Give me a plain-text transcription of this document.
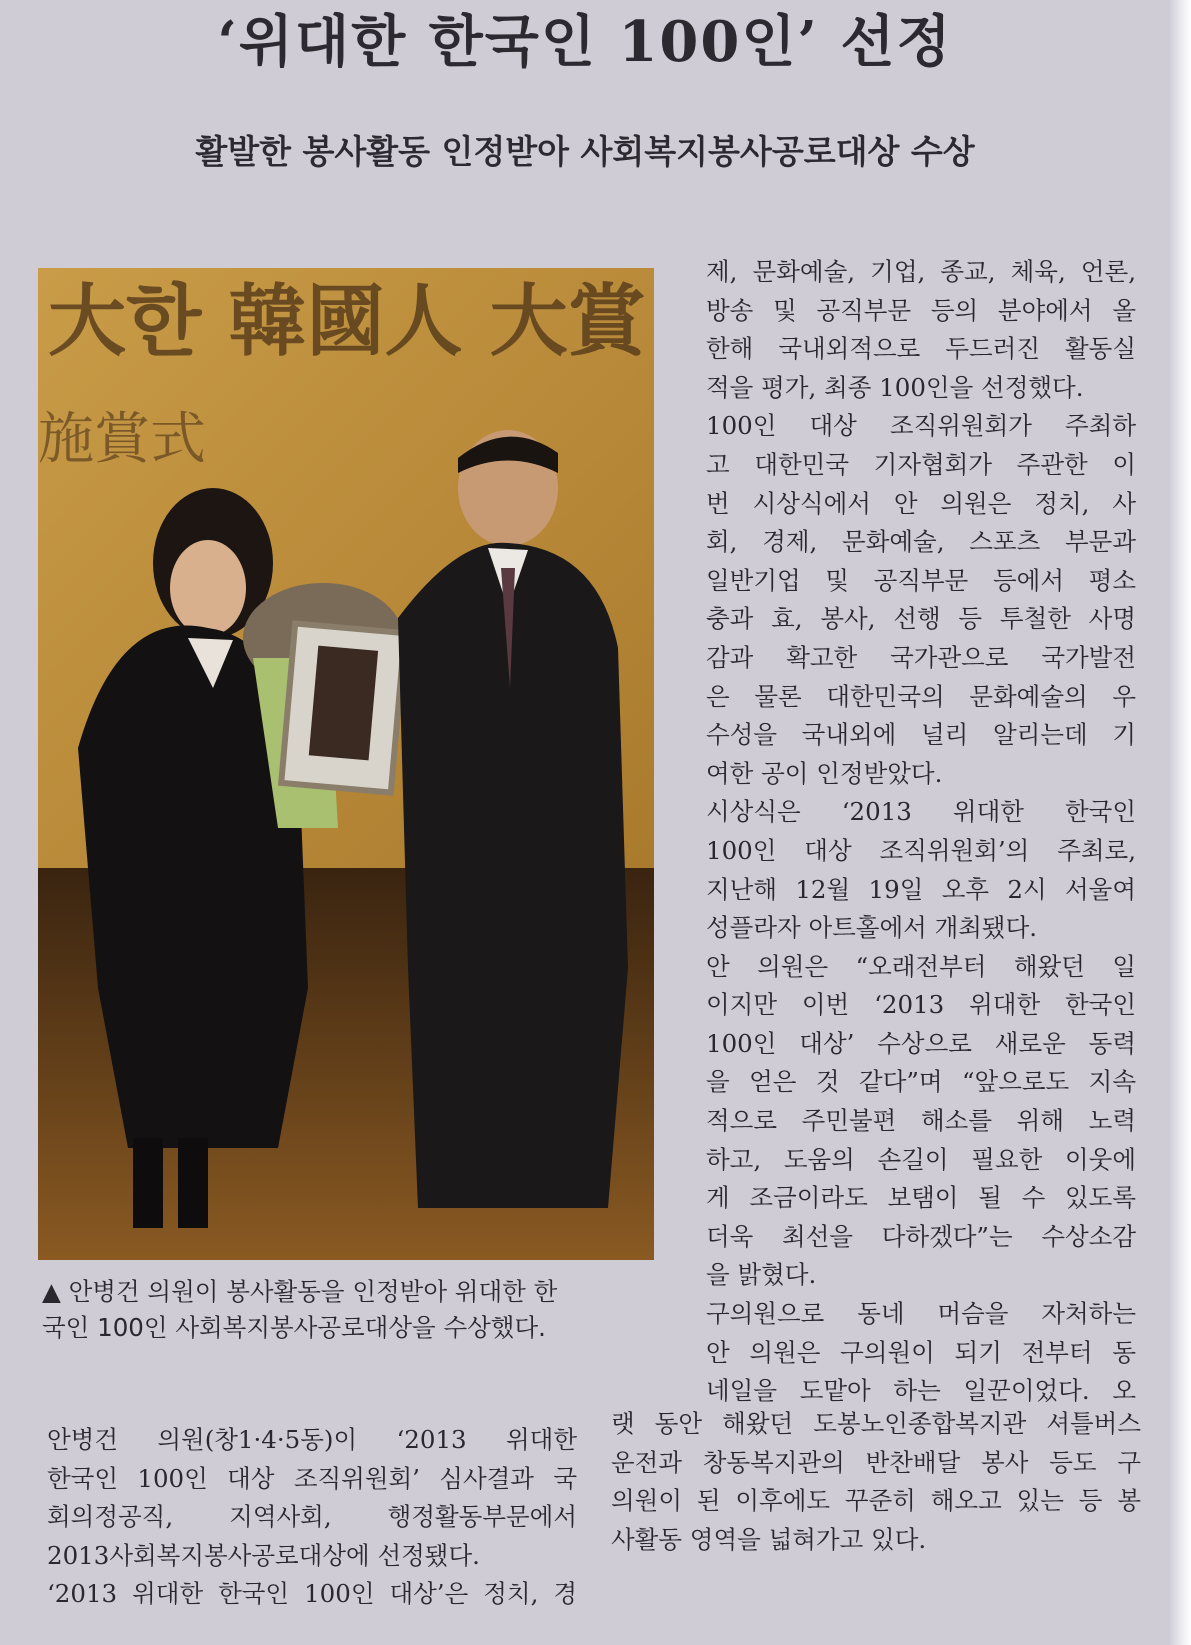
‘위대한 한국인 100인’ 선정
활발한 봉사활동 인정받아 사회복지봉사공로대상 수상
大한 韓國人 大賞
施賞式
▲ 안병건 의원이 봉사활동을 인정받아 위대한 한
국인 100인 사회복지봉사공로대상을 수상했다.
제, 문화예술, 기업, 종교, 체육, 언론,
방송 및 공직부문 등의 분야에서 올
한해 국내외적으로 두드러진 활동실
적을 평가, 최종 100인을 선정했다.
100인 대상 조직위원회가 주최하
고 대한민국 기자협회가 주관한 이
번 시상식에서 안 의원은 정치, 사
회, 경제, 문화예술, 스포츠 부문과
일반기업 및 공직부문 등에서 평소
충과 효, 봉사, 선행 등 투철한 사명
감과 확고한 국가관으로 국가발전
은 물론 대한민국의 문화예술의 우
수성을 국내외에 널리 알리는데 기
여한 공이 인정받았다.
시상식은 ‘2013 위대한 한국인
100인 대상 조직위원회’의 주최로,
지난해 12월 19일 오후 2시 서울여
성플라자 아트홀에서 개최됐다.
안 의원은 “오래전부터 해왔던 일
이지만 이번 ‘2013 위대한 한국인
100인 대상’ 수상으로 새로운 동력
을 얻은 것 같다”며 “앞으로도 지속
적으로 주민불편 해소를 위해 노력
하고, 도움의 손길이 필요한 이웃에
게 조금이라도 보탬이 될 수 있도록
더욱 최선을 다하겠다”는 수상소감
을 밝혔다.
구의원으로 동네 머슴을 자처하는
안 의원은 구의원이 되기 전부터 동
네일을 도맡아 하는 일꾼이었다. 오
안병건 의원(창1·4·5동)이 ‘2013 위대한
한국인 100인 대상 조직위원회’ 심사결과 국
회의정공직, 지역사회, 행정활동부문에서
2013사회복지봉사공로대상에 선정됐다.
‘2013 위대한 한국인 100인 대상’은 정치, 경
랫 동안 해왔던 도봉노인종합복지관 셔틀버스
운전과 창동복지관의 반찬배달 봉사 등도 구
의원이 된 이후에도 꾸준히 해오고 있는 등 봉
사활동 영역을 넓혀가고 있다.
